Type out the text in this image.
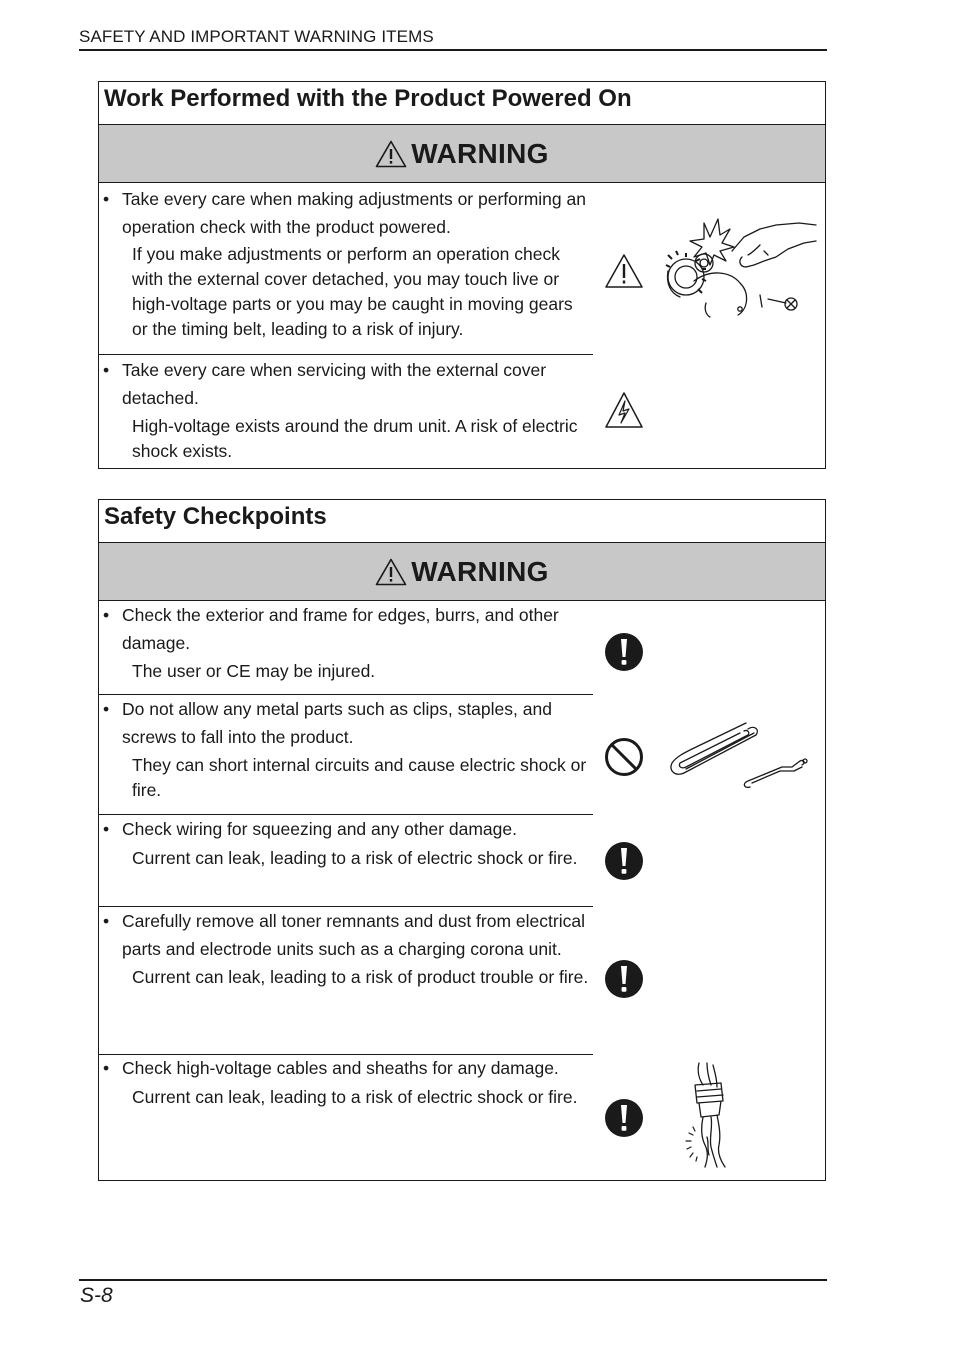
SAFETY AND IMPORTANT WARNING ITEMS
Work Performed with the Product Powered On
WARNING
• Take every care when making adjustments or performing an operation check with the product powered.
If you make adjustments or perform an operation check with the external cover detached, you may touch live or high-voltage parts or you may be caught in moving gears or the timing belt, leading to a risk of injury.
• Take every care when servicing with the external cover detached.
High-voltage exists around the drum unit. A risk of electric shock exists.
Safety Checkpoints
WARNING
• Check the exterior and frame for edges, burrs, and other damage.
The user or CE may be injured.
• Do not allow any metal parts such as clips, staples, and screws to fall into the product.
They can short internal circuits and cause electric shock or fire.
• Check wiring for squeezing and any other damage.
Current can leak, leading to a risk of electric shock or fire.
• Carefully remove all toner remnants and dust from electrical parts and electrode units such as a charging corona unit.
Current can leak, leading to a risk of product trouble or fire.
• Check high-voltage cables and sheaths for any damage.
Current can leak, leading to a risk of electric shock or fire.
S-8
